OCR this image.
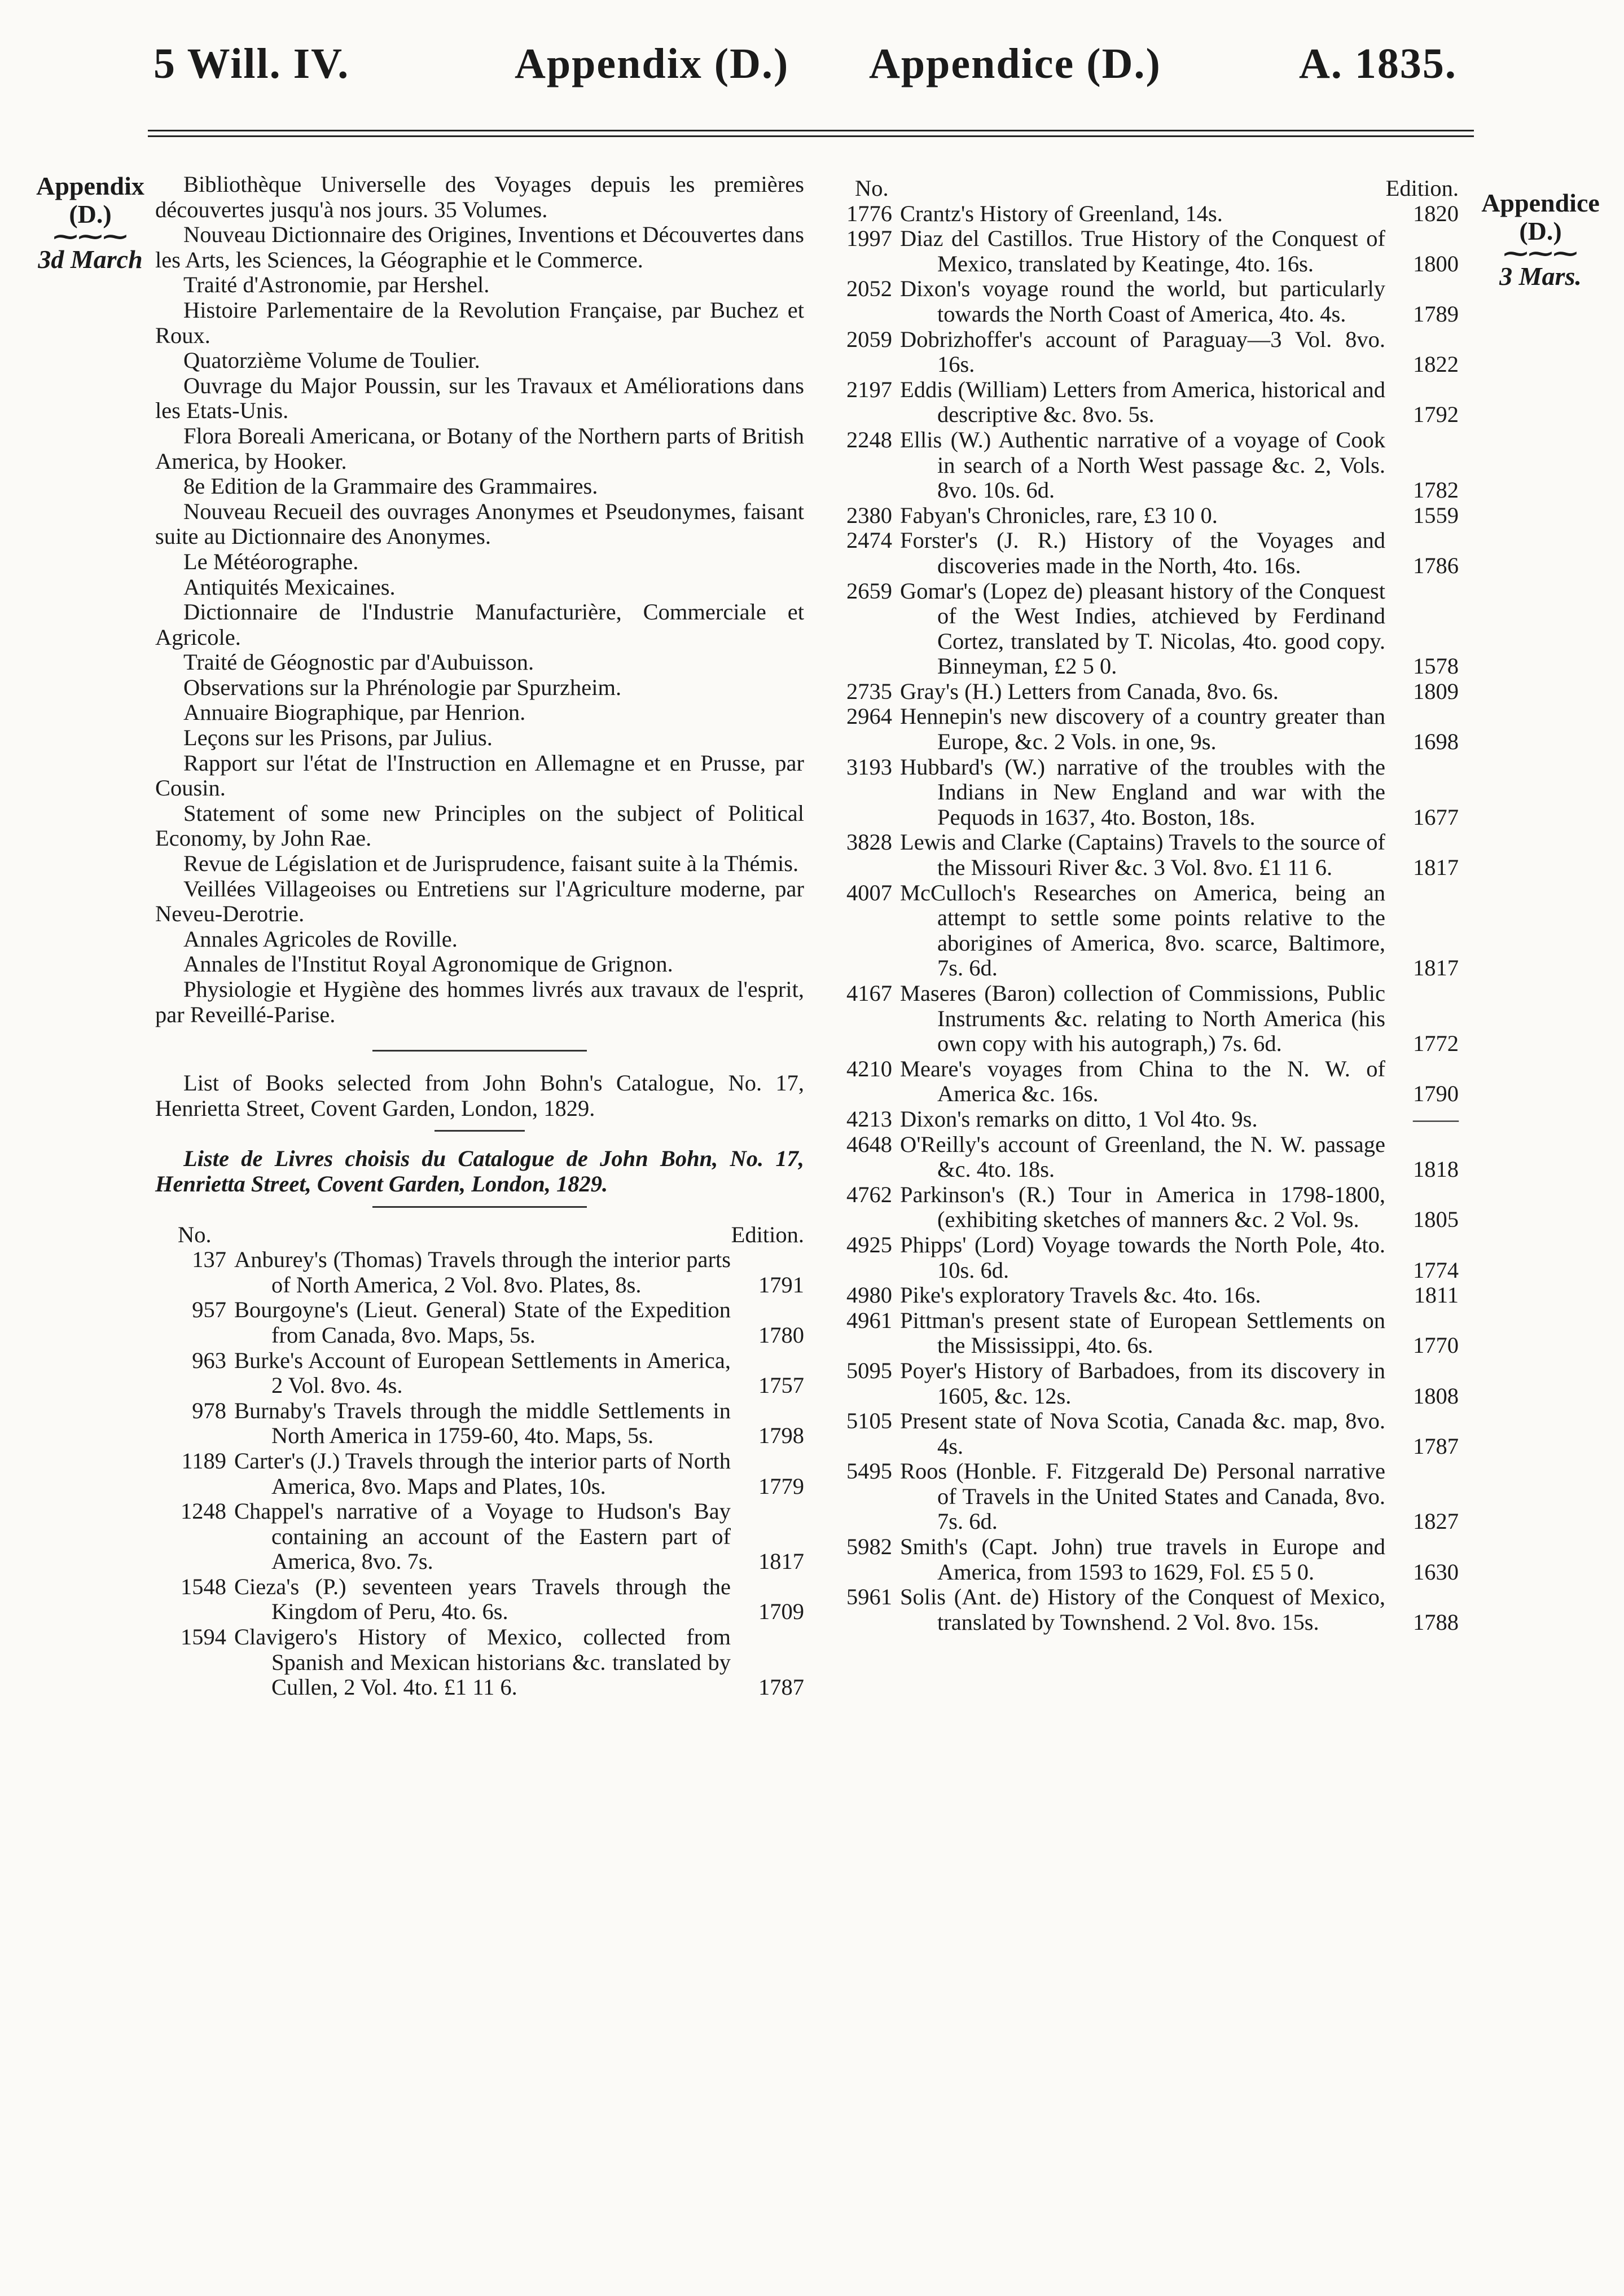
5 Will. IV.	Appendix (D.) Appendice (D.)	A. 1835.
Appendix
(D.)
⁓⁓⁓
3d March
Appendice
(D.)
⁓⁓⁓
3 Mars.

Bibliothèque Universelle des Voyages depuis les premières découvertes jusqu'à nos jours. 35 Volumes.

Nouveau Dictionnaire des Origines, Inventions et Découvertes dans les Arts, les Sciences, la Géographie et le Commerce.

Traité d'Astronomie, par Hershel.

Histoire Parlementaire de la Revolution Française, par Buchez et Roux.

Quatorzième Volume de Toulier.

Ouvrage du Major Poussin, sur les Travaux et Améliorations dans les Etats-Unis.

Flora Boreali Americana, or Botany of the Northern parts of British America, by Hooker.

8e Edition de la Grammaire des Grammaires.

Nouveau Recueil des ouvrages Anonymes et Pseudonymes, faisant suite au Dictionnaire des Anonymes.

Le Météorographe.

Antiquités Mexicaines.

Dictionnaire de l'Industrie Manufacturière, Commerciale et Agricole.

Traité de Géognostic par d'Aubuisson.

Observations sur la Phrénologie par Spurzheim.

Annuaire Biographique, par Henrion.

Leçons sur les Prisons, par Julius.

Rapport sur l'état de l'Instruction en Allemagne et en Prusse, par Cousin.

Statement of some new Principles on the subject of Political Economy, by John Rae.

Revue de Législation et de Jurisprudence, faisant suite à la Thémis.

Veillées Villageoises ou Entretiens sur l'Agriculture moderne, par Neveu-Derotrie.

Annales Agricoles de Roville.

Annales de l'Institut Royal Agronomique de Grignon.

Physiologie et Hygiène des hommes livrés aux travaux de l'esprit, par Reveillé-Parise.

List of Books selected from John Bohn's Catalogue, No. 17, Henrietta Street, Covent Garden, London, 1829.

Liste de Livres choisis du Catalogue de John Bohn, No. 17, Henrietta Street, Covent Garden, London, 1829.

No.	Edition.
137 Anburey's (Thomas) Travels through the interior parts of North America, 2 Vol. 8vo. Plates, 8s.	1791
957 Bourgoyne's (Lieut. General) State of the Expedition from Canada, 8vo. Maps, 5s.	1780
963 Burke's Account of European Settlements in America, 2 Vol. 8vo. 4s.	1757
978 Burnaby's Travels through the middle Settlements in North America in 1759-60, 4to. Maps, 5s.	1798
1189 Carter's (J.) Travels through the interior parts of North America, 8vo. Maps and Plates, 10s.	1779
1248 Chappel's narrative of a Voyage to Hudson's Bay containing an account of the Eastern part of America, 8vo. 7s.	1817
1548 Cieza's (P.) seventeen years Travels through the Kingdom of Peru, 4to. 6s.	1709
1594 Clavigero's History of Mexico, collected from Spanish and Mexican historians &c. translated by Cullen, 2 Vol. 4to. £1 11 6.	1787
No.	Edition.
1776 Crantz's History of Greenland, 14s.	1820
1997 Diaz del Castillos. True History of the Conquest of Mexico, translated by Keatinge, 4to. 16s.	1800
2052 Dixon's voyage round the world, but particularly towards the North Coast of America, 4to. 4s.	1789
2059 Dobrizhoffer's account of Paraguay—3 Vol. 8vo. 16s.	1822
2197 Eddis (William) Letters from America, historical and descriptive &c. 8vo. 5s.	1792
2248 Ellis (W.) Authentic narrative of a voyage of Cook in search of a North West passage &c. 2, Vols. 8vo. 10s. 6d.	1782
2380 Fabyan's Chronicles, rare, £3 10 0.	1559
2474 Forster's (J. R.) History of the Voyages and discoveries made in the North, 4to. 16s.	1786
2659 Gomar's (Lopez de) pleasant history of the Conquest of the West Indies, atchieved by Ferdinand Cortez, translated by T. Nicolas, 4to. good copy. Binneyman, £2 5 0.	1578
2735 Gray's (H.) Letters from Canada, 8vo. 6s.	1809
2964 Hennepin's new discovery of a country greater than Europe, &c. 2 Vols. in one, 9s.	1698
3193 Hubbard's (W.) narrative of the troubles with the Indians in New England and war with the Pequods in 1637, 4to. Boston, 18s.	1677
3828 Lewis and Clarke (Captains) Travels to the source of the Missouri River &c. 3 Vol. 8vo. £1 11 6.	1817
4007 McCulloch's Researches on America, being an attempt to settle some points relative to the aborigines of America, 8vo. scarce, Baltimore, 7s. 6d.	1817
4167 Maseres (Baron) collection of Commissions, Public Instruments &c. relating to North America (his own copy with his autograph,) 7s. 6d.	1772
4210 Meare's voyages from China to the N. W. of America &c. 16s.	1790
4213 Dixon's remarks on ditto, 1 Vol 4to. 9s.	——
4648 O'Reilly's account of Greenland, the N. W. passage &c. 4to. 18s.	1818
4762 Parkinson's (R.) Tour in America in 1798-1800, (exhibiting sketches of manners &c. 2 Vol. 9s.	1805
4925 Phipps' (Lord) Voyage towards the North Pole, 4to. 10s. 6d.	1774
4980 Pike's exploratory Travels &c. 4to. 16s.	1811
4961 Pittman's present state of European Settlements on the Mississippi, 4to. 6s.	1770
5095 Poyer's History of Barbadoes, from its discovery in 1605, &c. 12s.	1808
5105 Present state of Nova Scotia, Canada &c. map, 8vo. 4s.	1787
5495 Roos (Honble. F. Fitzgerald De) Personal narrative of Travels in the United States and Canada, 8vo. 7s. 6d.	1827
5982 Smith's (Capt. John) true travels in Europe and America, from 1593 to 1629, Fol. £5 5 0.	1630
5961 Solis (Ant. de) History of the Conquest of Mexico, translated by Townshend. 2 Vol. 8vo. 15s.	1788
